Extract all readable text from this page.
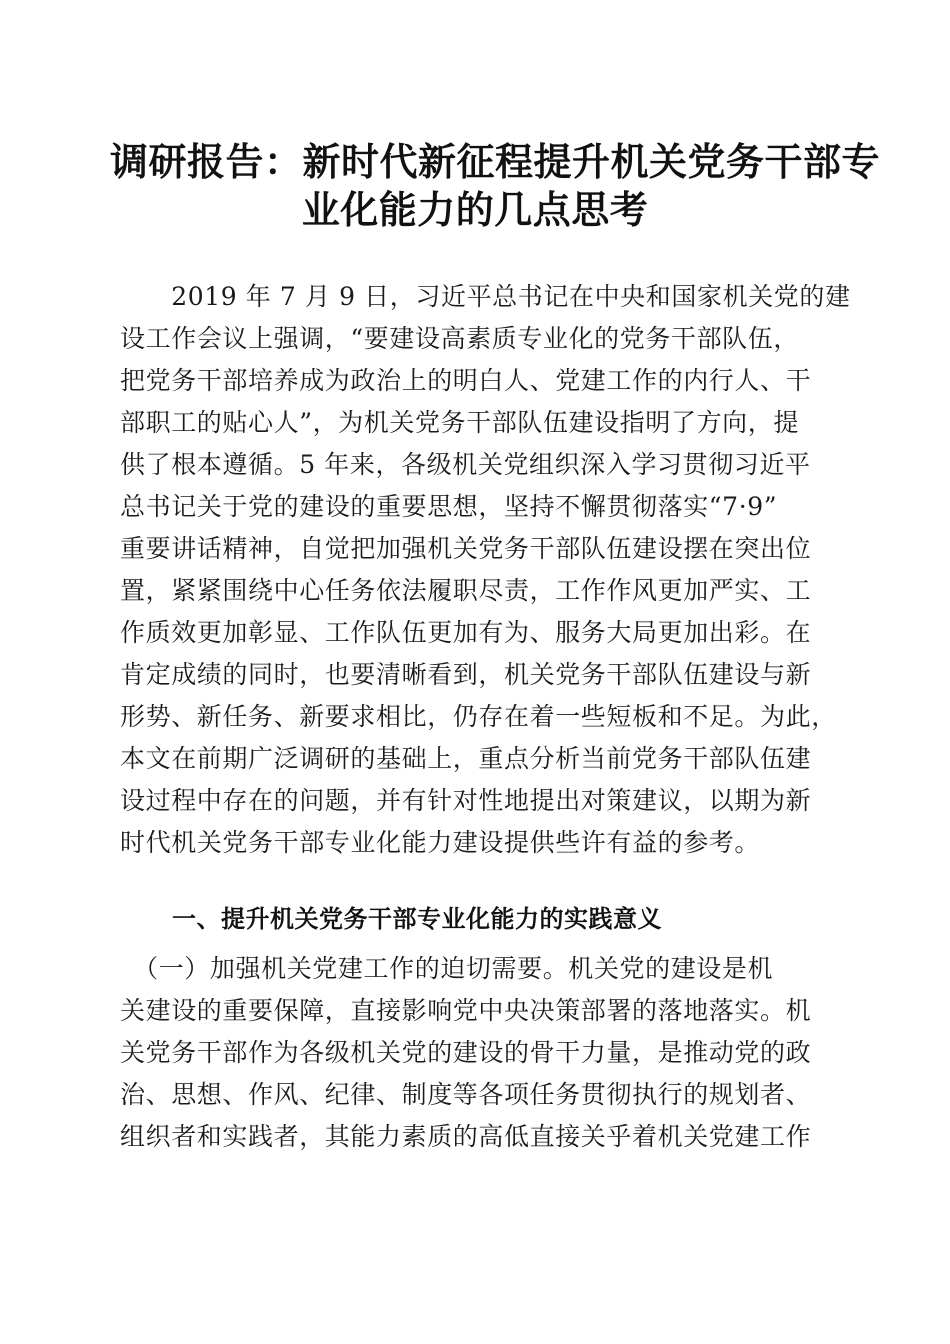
调研报告：新时代新征程提升机关党务干部专
业化能力的几点思考
　　2019 年 7 月 9 日，习近平总书记在中央和国家机关党的建
设工作会议上强调，“要建设高素质专业化的党务干部队伍，
把党务干部培养成为政治上的明白人、党建工作的内行人、干
部职工的贴心人”，为机关党务干部队伍建设指明了方向，提
供了根本遵循。5 年来，各级机关党组织深入学习贯彻习近平
总书记关于党的建设的重要思想，坚持不懈贯彻落实“7·9”
重要讲话精神，自觉把加强机关党务干部队伍建设摆在突出位
置，紧紧围绕中心任务依法履职尽责，工作作风更加严实、工
作质效更加彰显、工作队伍更加有为、服务大局更加出彩。在
肯定成绩的同时，也要清晰看到，机关党务干部队伍建设与新
形势、新任务、新要求相比，仍存在着一些短板和不足。为此，
本文在前期广泛调研的基础上，重点分析当前党务干部队伍建
设过程中存在的问题，并有针对性地提出对策建议，以期为新
时代机关党务干部专业化能力建设提供些许有益的参考。
一、提升机关党务干部专业化能力的实践意义
　（一）加强机关党建工作的迫切需要。机关党的建设是机
关建设的重要保障，直接影响党中央决策部署的落地落实。机
关党务干部作为各级机关党的建设的骨干力量，是推动党的政
治、思想、作风、纪律、制度等各项任务贯彻执行的规划者、
组织者和实践者，其能力素质的高低直接关乎着机关党建工作
